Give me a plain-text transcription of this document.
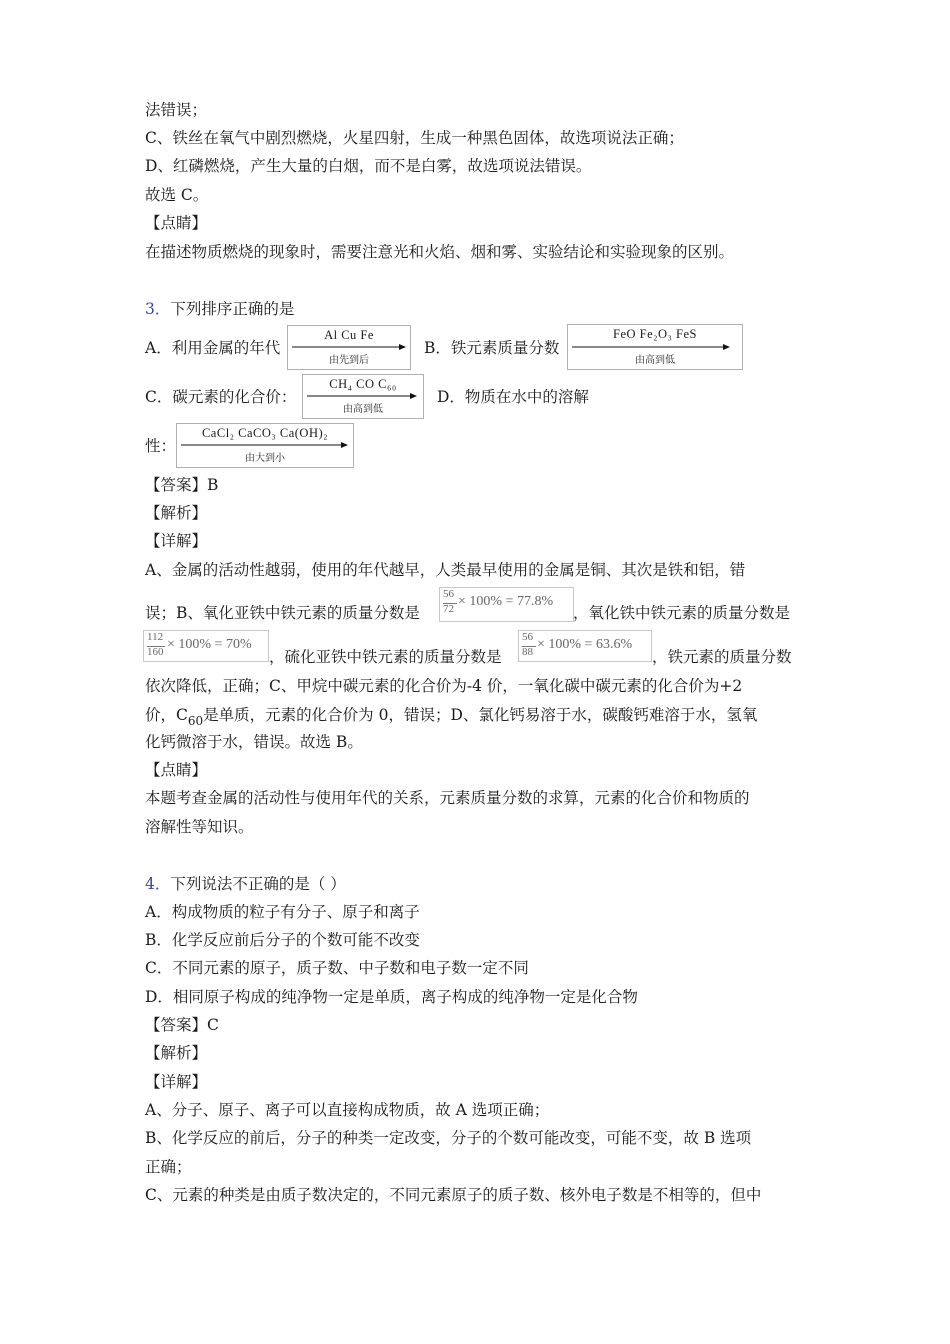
法错误；
C、铁丝在氧气中剧烈燃烧，火星四射，生成一种黑色固体，故选项说法正确；
D、红磷燃烧，产生大量的白烟，而不是白雾，故选项说法错误。
故选 C。
【点睛】
在描述物质燃烧的现象时，需要注意光和火焰、烟和雾、实验结论和实验现象的区别。
3．下列排序正确的是
A．利用金属的年代
Al Cu Fe
由先到后
B．铁元素质量分数
FeO Fe₂O₃ FeS
由高到低
C．碳元素的化合价：
CH₄ CO C₆₀
由高到低
D．物质在水中的溶解
性：
CaCl₂ CaCO₃ Ca(OH)₂
由大到小
【答案】B
【解析】
【详解】
A、金属的活动性越弱，使用的年代越早，人类最早使用的金属是铜、其次是铁和铝，错
误；B、氧化亚铁中铁元素的质量分数是
56
72 × 100% = 77.8%
，氧化铁中铁元素的质量分数是
112
160 × 100% = 70%
，硫化亚铁中铁元素的质量分数是
56
88 × 100% = 63.6%
，铁元素的质量分数
依次降低，正确；C、甲烷中碳元素的化合价为-4 价，一氧化碳中碳元素的化合价为+2
价，$C_{60}$是单质，元素的化合价为 0，错误；D、氯化钙易溶于水，碳酸钙难溶于水，氢氧
化钙微溶于水，错误。故选 B。
【点睛】
本题考查金属的活动性与使用年代的关系，元素质量分数的求算，元素的化合价和物质的
溶解性等知识。
4．下列说法不正确的是（ ）
A．构成物质的粒子有分子、原子和离子
B．化学反应前后分子的个数可能不改变
C．不同元素的原子，质子数、中子数和电子数一定不同
D．相同原子构成的纯净物一定是单质，离子构成的纯净物一定是化合物
【答案】C
【解析】
【详解】
A、分子、原子、离子可以直接构成物质，故 A 选项正确；
B、化学反应的前后，分子的种类一定改变，分子的个数可能改变，可能不变，故 B 选项
正确；
C、元素的种类是由质子数决定的，不同元素原子的质子数、核外电子数是不相等的，但中
